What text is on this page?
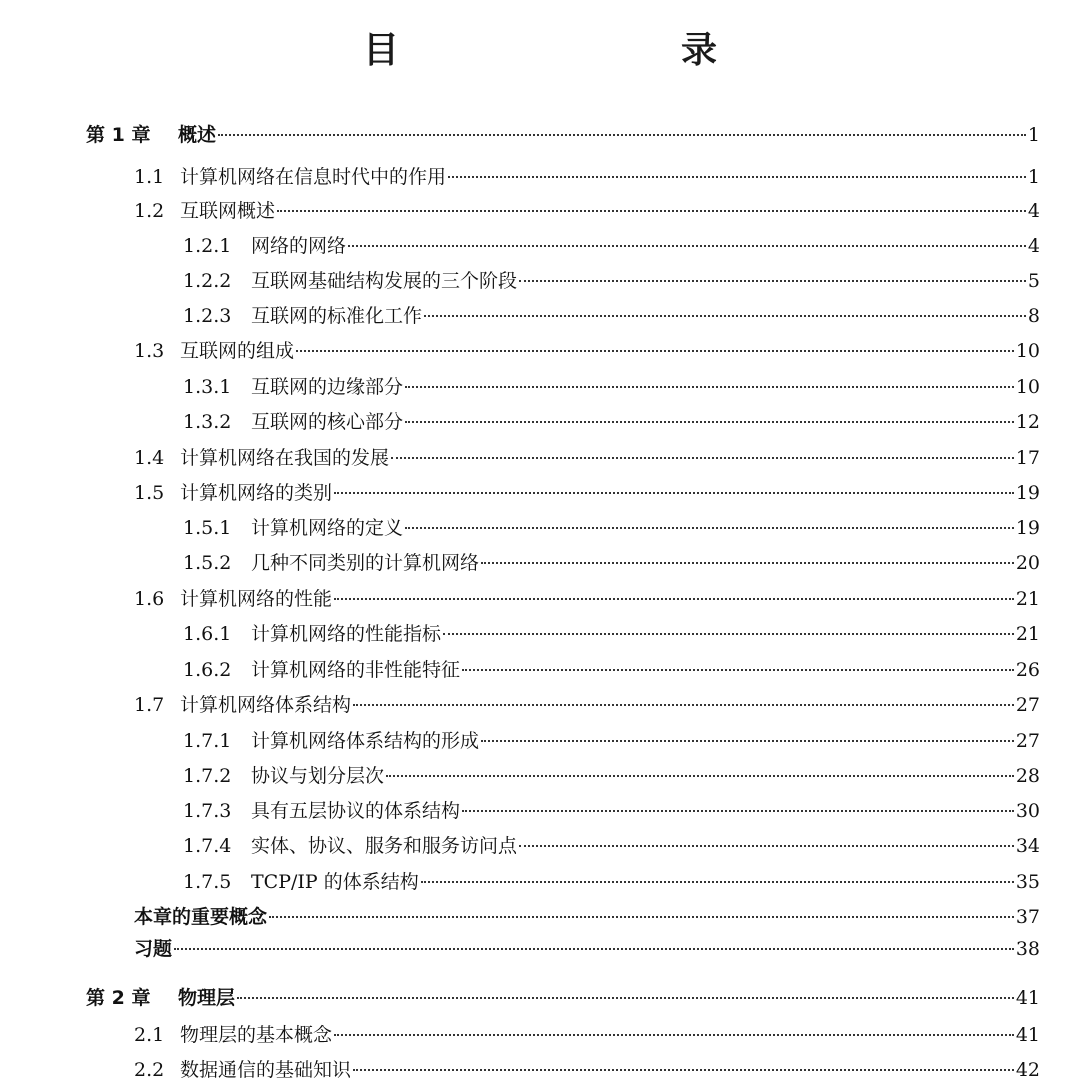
目　　录
第 1 章	概述	1
1.1 计算机网络在信息时代中的作用	1
1.2 互联网概述	4
1.2.1	网络的网络	4
1.2.2	互联网基础结构发展的三个阶段	5
1.2.3	互联网的标准化工作	8
1.3 互联网的组成	10
1.3.1	互联网的边缘部分	10
1.3.2	互联网的核心部分	12
1.4 计算机网络在我国的发展	17
1.5 计算机网络的类别	19
1.5.1	计算机网络的定义	19
1.5.2	几种不同类别的计算机网络	20
1.6 计算机网络的性能	21
1.6.1	计算机网络的性能指标	21
1.6.2	计算机网络的非性能特征	26
1.7 计算机网络体系结构	27
1.7.1	计算机网络体系结构的形成	27
1.7.2	协议与划分层次	28
1.7.3	具有五层协议的体系结构	30
1.7.4	实体、协议、服务和服务访问点	34
1.7.5	TCP/IP 的体系结构	35
本章的重要概念	37
习题	38
第 2 章	物理层	41
2.1 物理层的基本概念	41
2.2 数据通信的基础知识	42
